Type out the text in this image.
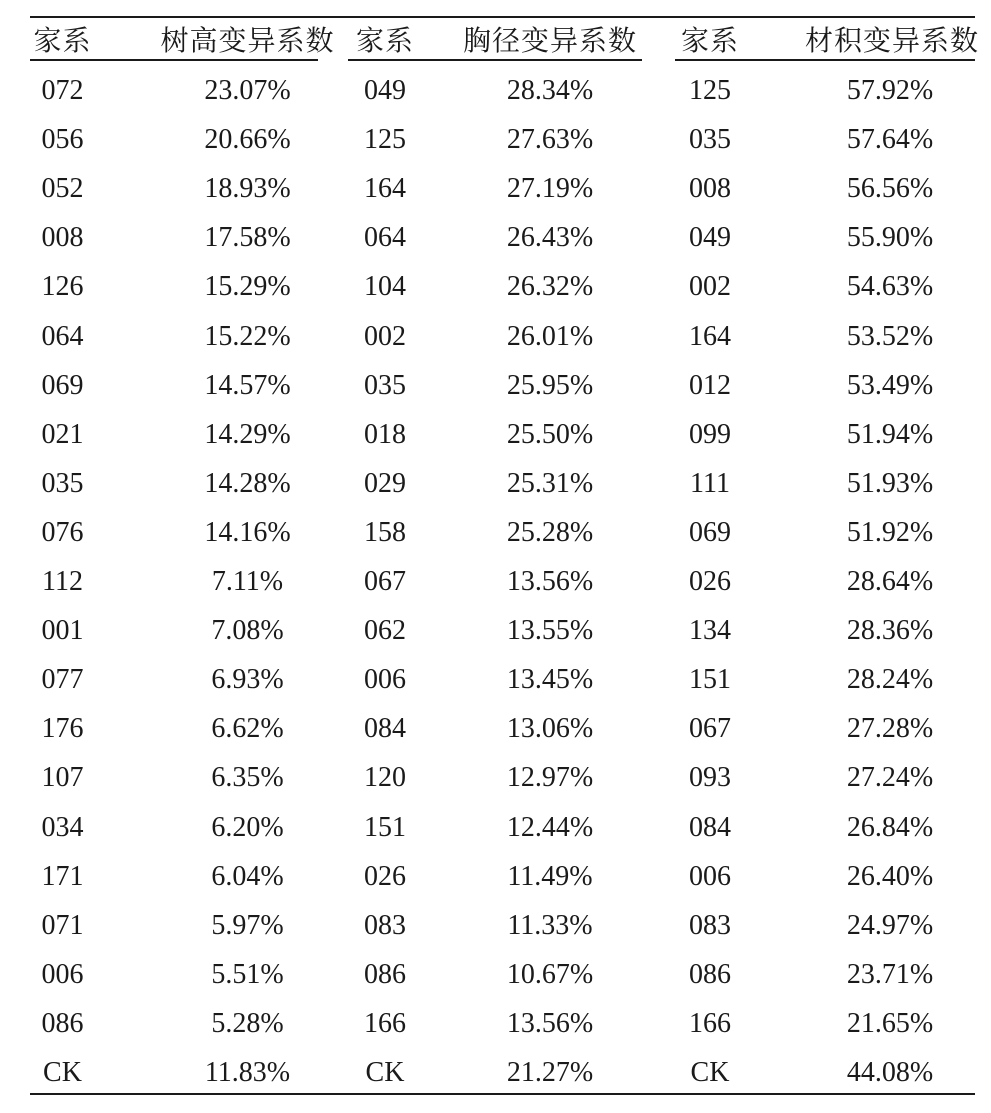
家系 树高变异系数 家系 胸径变异系数 家系 材积变异系数
072	23.07%	049	28.34%	125	57.92%
056	20.66%	125	27.63%	035	57.64%
052	18.93%	164	27.19%	008	56.56%
008	17.58%	064	26.43%	049	55.90%
126	15.29%	104	26.32%	002	54.63%
064	15.22%	002	26.01%	164	53.52%
069	14.57%	035	25.95%	012	53.49%
021	14.29%	018	25.50%	099	51.94%
035	14.28%	029	25.31%	111	51.93%
076	14.16%	158	25.28%	069	51.92%
112	7.11%	067	13.56%	026	28.64%
001	7.08%	062	13.55%	134	28.36%
077	6.93%	006	13.45%	151	28.24%
176	6.62%	084	13.06%	067	27.28%
107	6.35%	120	12.97%	093	27.24%
034	6.20%	151	12.44%	084	26.84%
171	6.04%	026	11.49%	006	26.40%
071	5.97%	083	11.33%	083	24.97%
006	5.51%	086	10.67%	086	23.71%
086	5.28%	166	13.56%	166	21.65%
CK	11.83%	CK	21.27%	CK	44.08%
